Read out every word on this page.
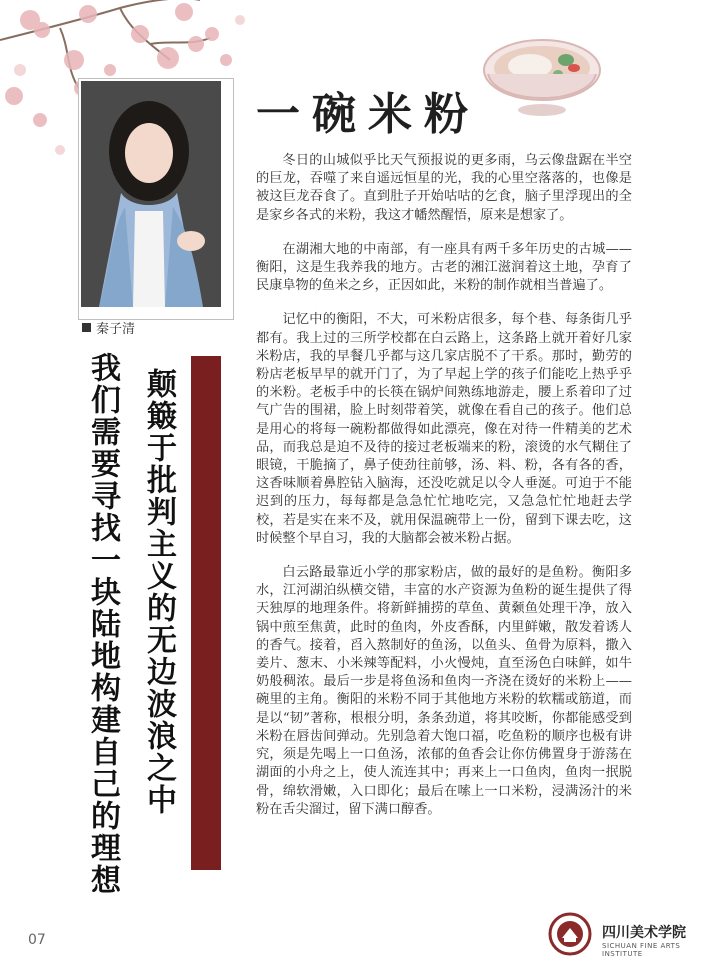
秦子清
一碗米粉

冬日的山城似乎比天气预报说的更多雨，乌云像盘踞在半空的巨龙，吞噬了来自遥远恒星的光，我的心里空落落的，也像是被这巨龙吞食了。直到肚子开始咕咕的乞食，脑子里浮现出的全是家乡各式的米粉，我这才幡然醒悟，原来是想家了。

在湖湘大地的中南部，有一座具有两千多年历史的古城——衡阳，这是生我养我的地方。古老的湘江滋润着这土地，孕育了民康阜物的鱼米之乡，正因如此，米粉的制作就相当普遍了。

记忆中的衡阳，不大，可米粉店很多，每个巷、每条街几乎都有。我上过的三所学校都在白云路上，这条路上就开着好几家米粉店，我的早餐几乎都与这几家店脱不了干系。那时，勤劳的粉店老板早早的就开门了，为了早起上学的孩子们能吃上热乎乎的米粉。老板手中的长筷在锅炉间熟练地游走，腰上系着印了过气广告的围裙，脸上时刻带着笑，就像在看自己的孩子。他们总是用心的将每一碗粉都做得如此漂亮，像在对待一件精美的艺术品，而我总是迫不及待的接过老板端来的粉，滚烫的水气糊住了眼镜，干脆摘了，鼻子使劲往前够，汤、料、粉，各有各的香，这香味顺着鼻腔钻入脑海，还没吃就足以令人垂涎。可迫于不能迟到的压力，每每都是急急忙忙地吃完，又急急忙忙地赶去学校，若是实在来不及，就用保温碗带上一份，留到下课去吃，这时候整个早自习，我的大脑都会被米粉占据。

白云路最靠近小学的那家粉店，做的最好的是鱼粉。衡阳多水，江河湖泊纵横交错，丰富的水产资源为鱼粉的诞生提供了得天独厚的地理条件。将新鲜捕捞的草鱼、黄颡鱼处理干净，放入锅中煎至焦黄，此时的鱼肉，外皮香酥，内里鲜嫩，散发着诱人的香气。接着，舀入熬制好的鱼汤，以鱼头、鱼骨为原料，撒入姜片、葱末、小米辣等配料，小火慢炖，直至汤色白味鲜，如牛奶般稠浓。最后一步是将鱼汤和鱼肉一齐浇在烫好的米粉上——碗里的主角。衡阳的米粉不同于其他地方米粉的软糯或筋道，而是以“韧”著称，根根分明，条条劲道，将其咬断，你都能感受到米粉在唇齿间弹动。先别急着大饱口福，吃鱼粉的顺序也极有讲究，须是先喝上一口鱼汤，浓郁的鱼香会让你仿佛置身于游荡在湖面的小舟之上，使人流连其中；再来上一口鱼肉，鱼肉一抿脱骨，绵软滑嫩，入口即化；最后在嗦上一口米粉，浸满汤汁的米粉在舌尖溜过，留下满口醇香。

我们需要寻找一块陆地构建自己的理想 颠簸于批判主义的无边波浪之中
07	四川美术学院
SICHUAN FINE ARTS INSTITUTE
